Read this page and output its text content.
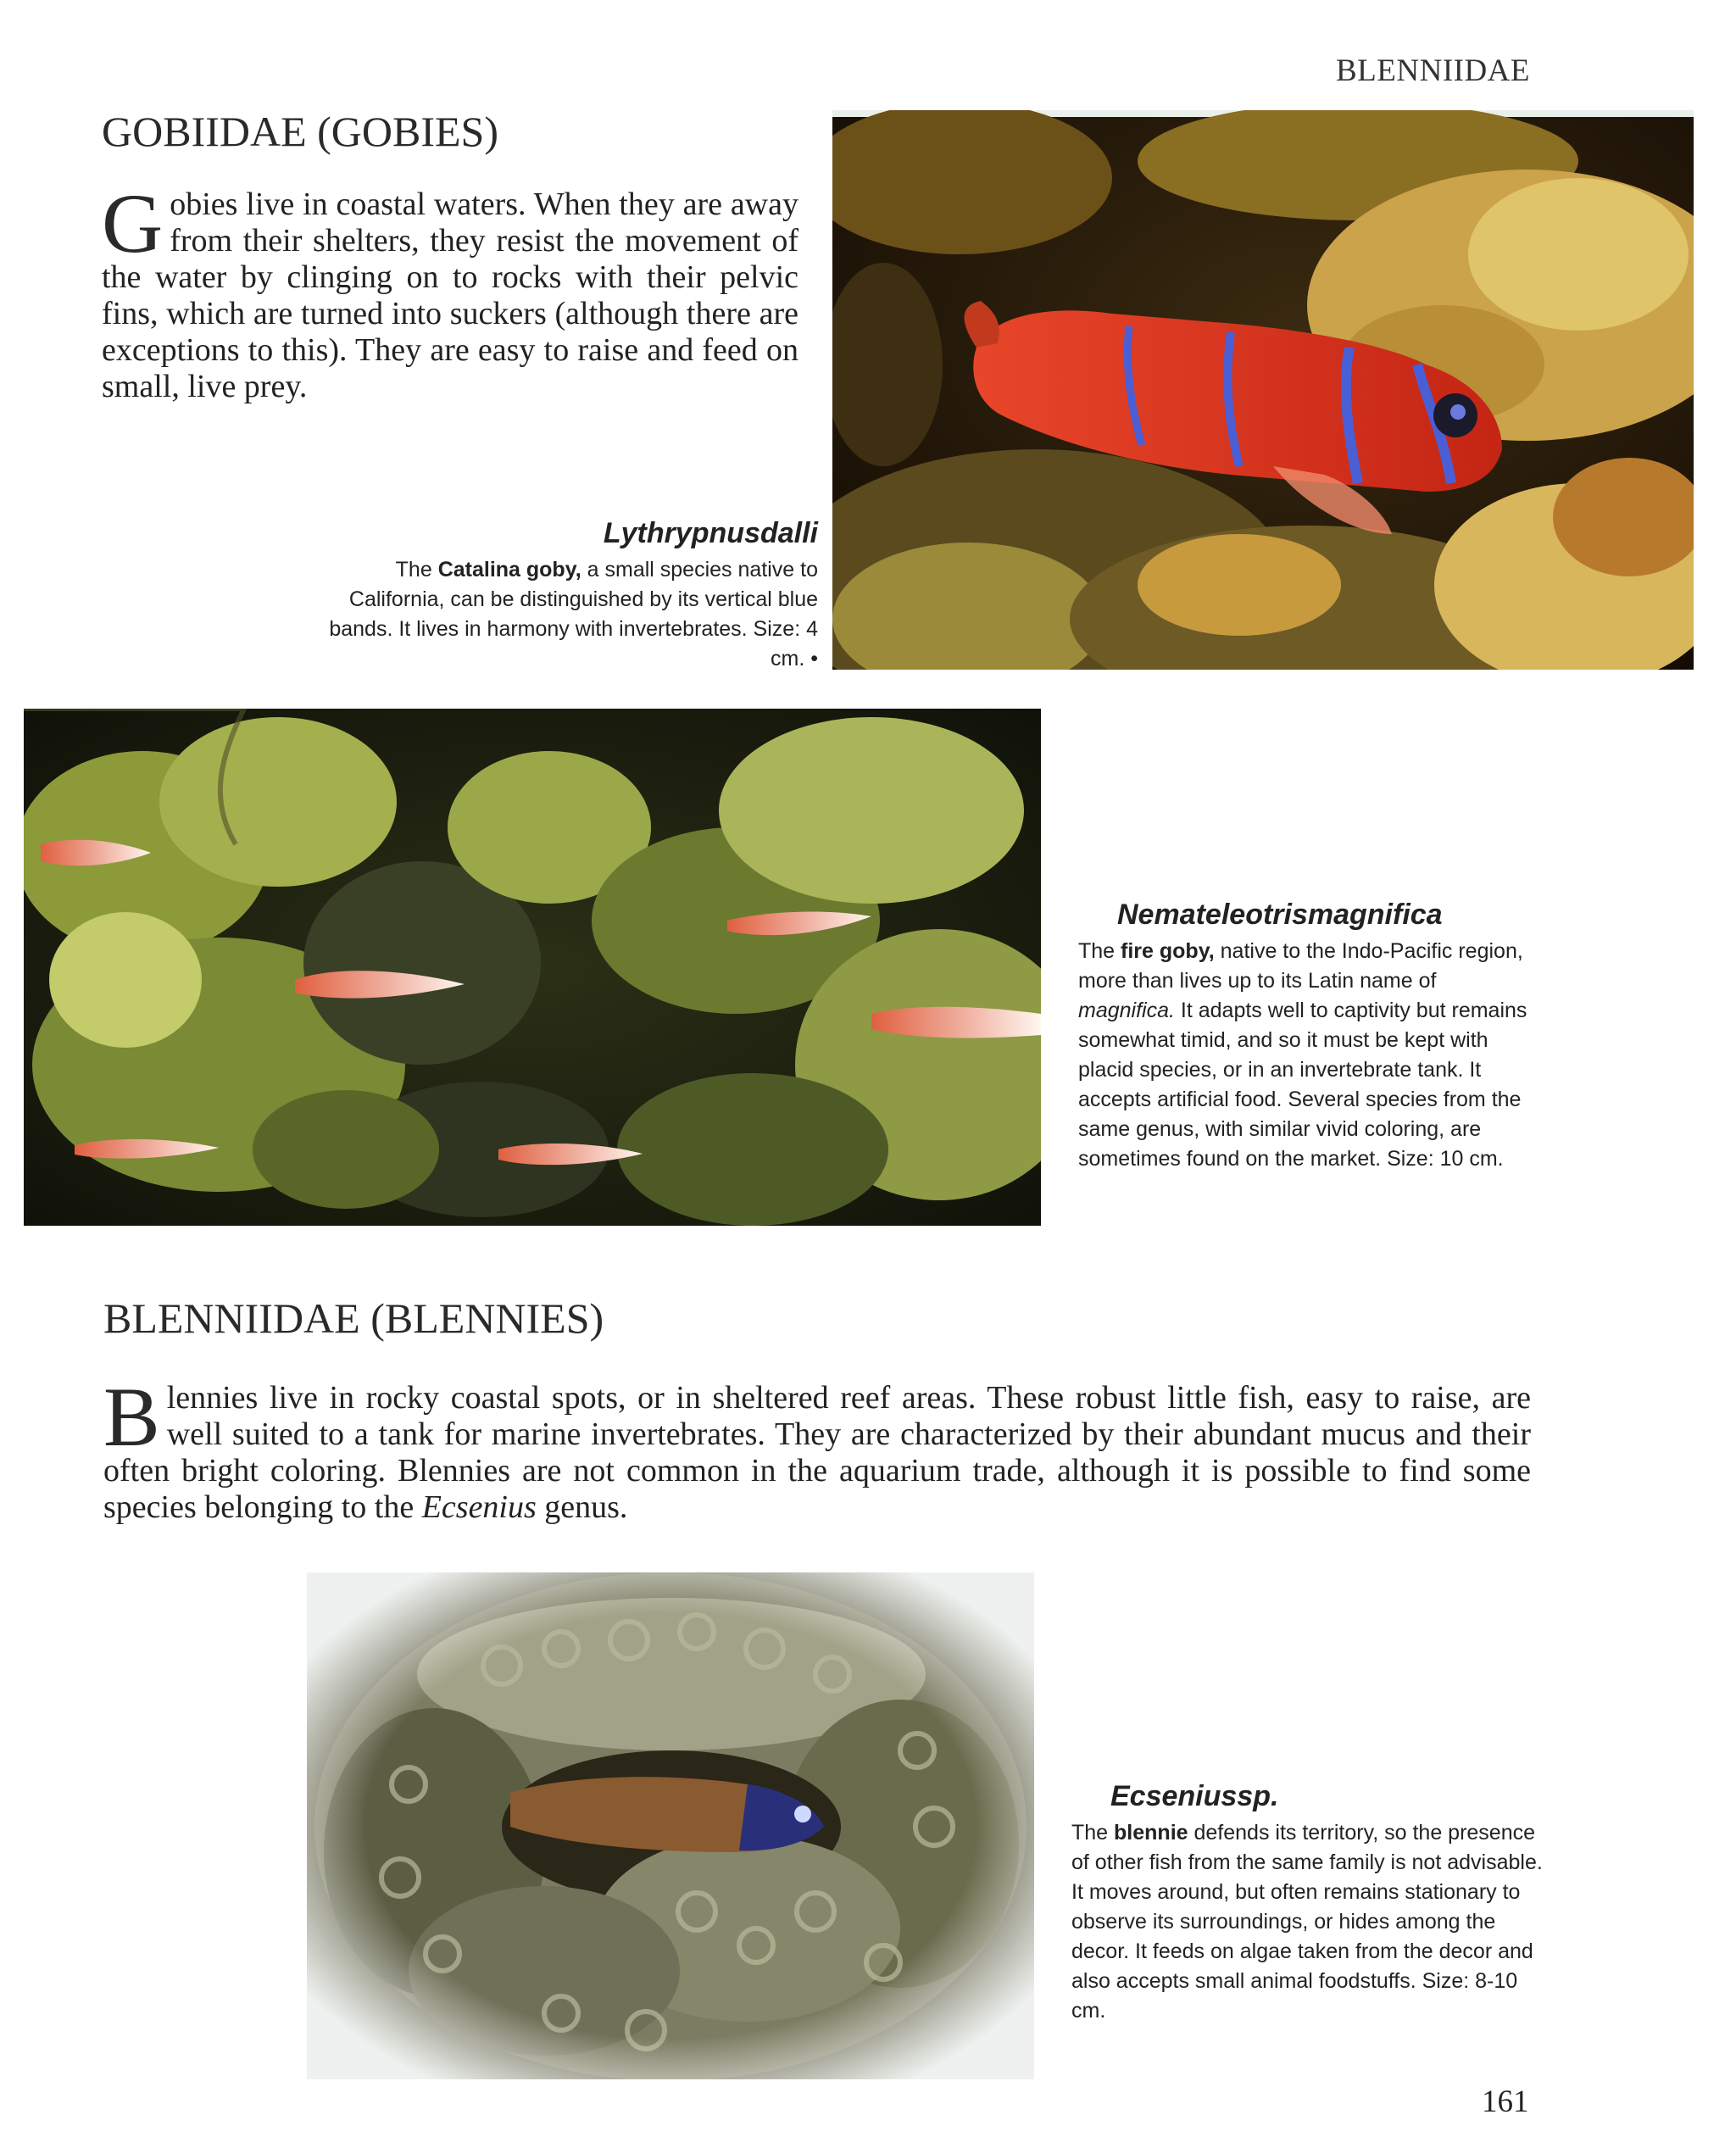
BLENNIIDAE
GOBIIDAE (GOBIES)
Gobies live in coastal waters. When they are away from their shelters, they resist the movement of the water by clinging on to rocks with their pelvic fins, which are turned into suckers (although there are exceptions to this). They are easy to raise and feed on small, live prey.
Lythrypnusdalli
The Catalina goby, a small species native to California, can be distinguished by its vertical blue bands. It lives in harmony with invertebrates. Size: 4 cm. •
Nemateleotrismagnifica
The fire goby, native to the Indo-Pacific region, more than lives up to its Latin name of magnifica. It adapts well to captivity but remains somewhat timid, and so it must be kept with placid species, or in an invertebrate tank. It accepts artificial food. Several species from the same genus, with similar vivid coloring, are sometimes found on the market. Size: 10 cm.
BLENNIIDAE (BLENNIES)
Blennies live in rocky coastal spots, or in sheltered reef areas. These robust little fish, easy to raise, are well suited to a tank for marine invertebrates. They are characterized by their abundant mucus and their often bright coloring. Blennies are not common in the aquarium trade, although it is possible to find some species belonging to the Ecsenius genus.
Ecseniussp.
The blennie defends its territory, so the presence of other fish from the same family is not advisable. It moves around, but often remains stationary to observe its surroundings, or hides among the decor. It feeds on algae taken from the decor and also accepts small animal foodstuffs. Size: 8-10 cm.
161
